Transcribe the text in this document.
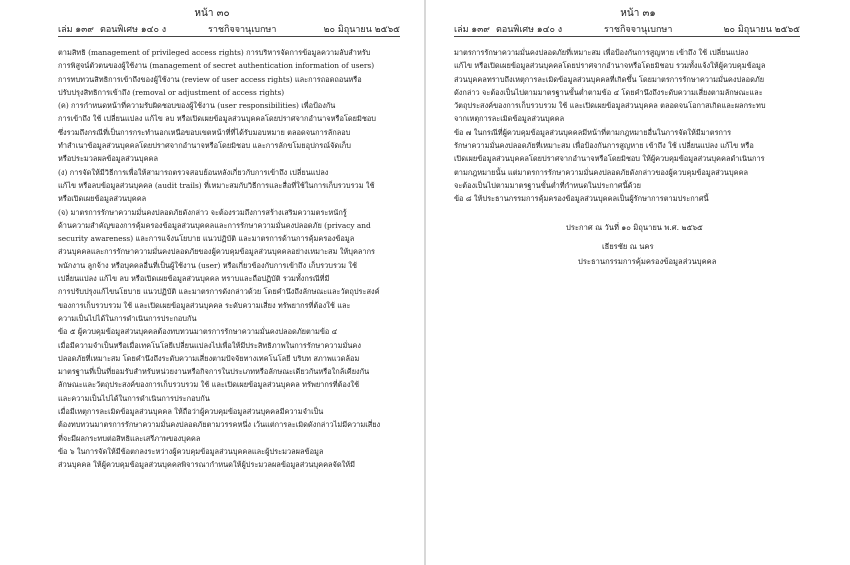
หน้า ๓๐
เล่ม ๑๓๙ ตอนพิเศษ ๑๔๐ ง	ราชกิจจานุเบกษา	๒๐ มิถุนายน ๒๕๖๕

ตามสิทธิ (management of privileged access rights) การบริหารจัดการข้อมูลความลับสำหรับ

การพิสูจน์ตัวตนของผู้ใช้งาน (management of secret authentication information of users)

การทบทวนสิทธิการเข้าถึงของผู้ใช้งาน (review of user access rights) และการถอดถอนหรือ

ปรับปรุงสิทธิการเข้าถึง (removal or adjustment of access rights)

(ค) การกำหนดหน้าที่ความรับผิดชอบของผู้ใช้งาน (user responsibilities) เพื่อป้องกัน

การเข้าถึง ใช้ เปลี่ยนแปลง แก้ไข ลบ หรือเปิดเผยข้อมูลส่วนบุคคลโดยปราศจากอำนาจหรือโดยมิชอบ

ซึ่งรวมถึงกรณีที่เป็นการกระทำนอกเหนือขอบเขตหน้าที่ที่ได้รับมอบหมาย ตลอดจนการลักลอบ

ทำสำเนาข้อมูลส่วนบุคคลโดยปราศจากอำนาจหรือโดยมิชอบ และการลักขโมยอุปกรณ์จัดเก็บ

หรือประมวลผลข้อมูลส่วนบุคคล

(ง) การจัดให้มีวิธีการเพื่อให้สามารถตรวจสอบย้อนหลังเกี่ยวกับการเข้าถึง เปลี่ยนแปลง

แก้ไข หรือลบข้อมูลส่วนบุคคล (audit trails) ที่เหมาะสมกับวิธีการและสื่อที่ใช้ในการเก็บรวบรวม ใช้

หรือเปิดเผยข้อมูลส่วนบุคคล

(จ) มาตรการรักษาความมั่นคงปลอดภัยดังกล่าว จะต้องรวมถึงการสร้างเสริมความตระหนักรู้

ด้านความสำคัญของการคุ้มครองข้อมูลส่วนบุคคลและการรักษาความมั่นคงปลอดภัย (privacy and

security awareness) และการแจ้งนโยบาย แนวปฏิบัติ และมาตรการด้านการคุ้มครองข้อมูล

ส่วนบุคคลและการรักษาความมั่นคงปลอดภัยของผู้ควบคุมข้อมูลส่วนบุคคลอย่างเหมาะสม ให้บุคลากร

พนักงาน ลูกจ้าง หรือบุคคลอื่นที่เป็นผู้ใช้งาน (user) หรือเกี่ยวข้องกับการเข้าถึง เก็บรวบรวม ใช้

เปลี่ยนแปลง แก้ไข ลบ หรือเปิดเผยข้อมูลส่วนบุคคล ทราบและถือปฏิบัติ รวมทั้งกรณีที่มี

การปรับปรุงแก้ไขนโยบาย แนวปฏิบัติ และมาตรการดังกล่าวด้วย โดยคำนึงถึงลักษณะและวัตถุประสงค์

ของการเก็บรวบรวม ใช้ และเปิดเผยข้อมูลส่วนบุคคล ระดับความเสี่ยง ทรัพยากรที่ต้องใช้ และ

ความเป็นไปได้ในการดำเนินการประกอบกัน

ข้อ ๕ ผู้ควบคุมข้อมูลส่วนบุคคลต้องทบทวนมาตรการรักษาความมั่นคงปลอดภัยตามข้อ ๔

เมื่อมีความจำเป็นหรือเมื่อเทคโนโลยีเปลี่ยนแปลงไปเพื่อให้มีประสิทธิภาพในการรักษาความมั่นคง

ปลอดภัยที่เหมาะสม โดยคำนึงถึงระดับความเสี่ยงตามปัจจัยทางเทคโนโลยี บริบท สภาพแวดล้อม

มาตรฐานที่เป็นที่ยอมรับสำหรับหน่วยงานหรือกิจการในประเภทหรือลักษณะเดียวกันหรือใกล้เคียงกัน

ลักษณะและวัตถุประสงค์ของการเก็บรวบรวม ใช้ และเปิดเผยข้อมูลส่วนบุคคล ทรัพยากรที่ต้องใช้

และความเป็นไปได้ในการดำเนินการประกอบกัน

เมื่อมีเหตุการละเมิดข้อมูลส่วนบุคคล ให้ถือว่าผู้ควบคุมข้อมูลส่วนบุคคลมีความจำเป็น

ต้องทบทวนมาตรการรักษาความมั่นคงปลอดภัยตามวรรคหนึ่ง เว้นแต่การละเมิดดังกล่าวไม่มีความเสี่ยง

ที่จะมีผลกระทบต่อสิทธิและเสรีภาพของบุคคล

ข้อ ๖ ในการจัดให้มีข้อตกลงระหว่างผู้ควบคุมข้อมูลส่วนบุคคลและผู้ประมวลผลข้อมูล

ส่วนบุคคล ให้ผู้ควบคุมข้อมูลส่วนบุคคลพิจารณากำหนดให้ผู้ประมวลผลข้อมูลส่วนบุคคลจัดให้มี

หน้า ๓๑
เล่ม ๑๓๙ ตอนพิเศษ ๑๔๐ ง	ราชกิจจานุเบกษา	๒๐ มิถุนายน ๒๕๖๕

มาตรการรักษาความมั่นคงปลอดภัยที่เหมาะสม เพื่อป้องกันการสูญหาย เข้าถึง ใช้ เปลี่ยนแปลง

แก้ไข หรือเปิดเผยข้อมูลส่วนบุคคลโดยปราศจากอำนาจหรือโดยมิชอบ รวมทั้งแจ้งให้ผู้ควบคุมข้อมูล

ส่วนบุคคลทราบถึงเหตุการละเมิดข้อมูลส่วนบุคคลที่เกิดขึ้น โดยมาตรการรักษาความมั่นคงปลอดภัย

ดังกล่าว จะต้องเป็นไปตามมาตรฐานขั้นต่ำตามข้อ ๔ โดยคำนึงถึงระดับความเสี่ยงตามลักษณะและ

วัตถุประสงค์ของการเก็บรวบรวม ใช้ และเปิดเผยข้อมูลส่วนบุคคล ตลอดจนโอกาสเกิดและผลกระทบ

จากเหตุการละเมิดข้อมูลส่วนบุคคล

ข้อ ๗ ในกรณีที่ผู้ควบคุมข้อมูลส่วนบุคคลมีหน้าที่ตามกฎหมายอื่นในการจัดให้มีมาตรการ

รักษาความมั่นคงปลอดภัยที่เหมาะสม เพื่อป้องกันการสูญหาย เข้าถึง ใช้ เปลี่ยนแปลง แก้ไข หรือ

เปิดเผยข้อมูลส่วนบุคคลโดยปราศจากอำนาจหรือโดยมิชอบ ให้ผู้ควบคุมข้อมูลส่วนบุคคลดำเนินการ

ตามกฎหมายนั้น แต่มาตรการรักษาความมั่นคงปลอดภัยดังกล่าวของผู้ควบคุมข้อมูลส่วนบุคคล

จะต้องเป็นไปตามมาตรฐานขั้นต่ำที่กำหนดในประกาศนี้ด้วย

ข้อ ๘ ให้ประธานกรรมการคุ้มครองข้อมูลส่วนบุคคลเป็นผู้รักษาการตามประกาศนี้

ประกาศ ณ วันที่ ๑๐ มิถุนายน พ.ศ. ๒๕๖๕
เธียรชัย ณ นคร
ประธานกรรมการคุ้มครองข้อมูลส่วนบุคคล
